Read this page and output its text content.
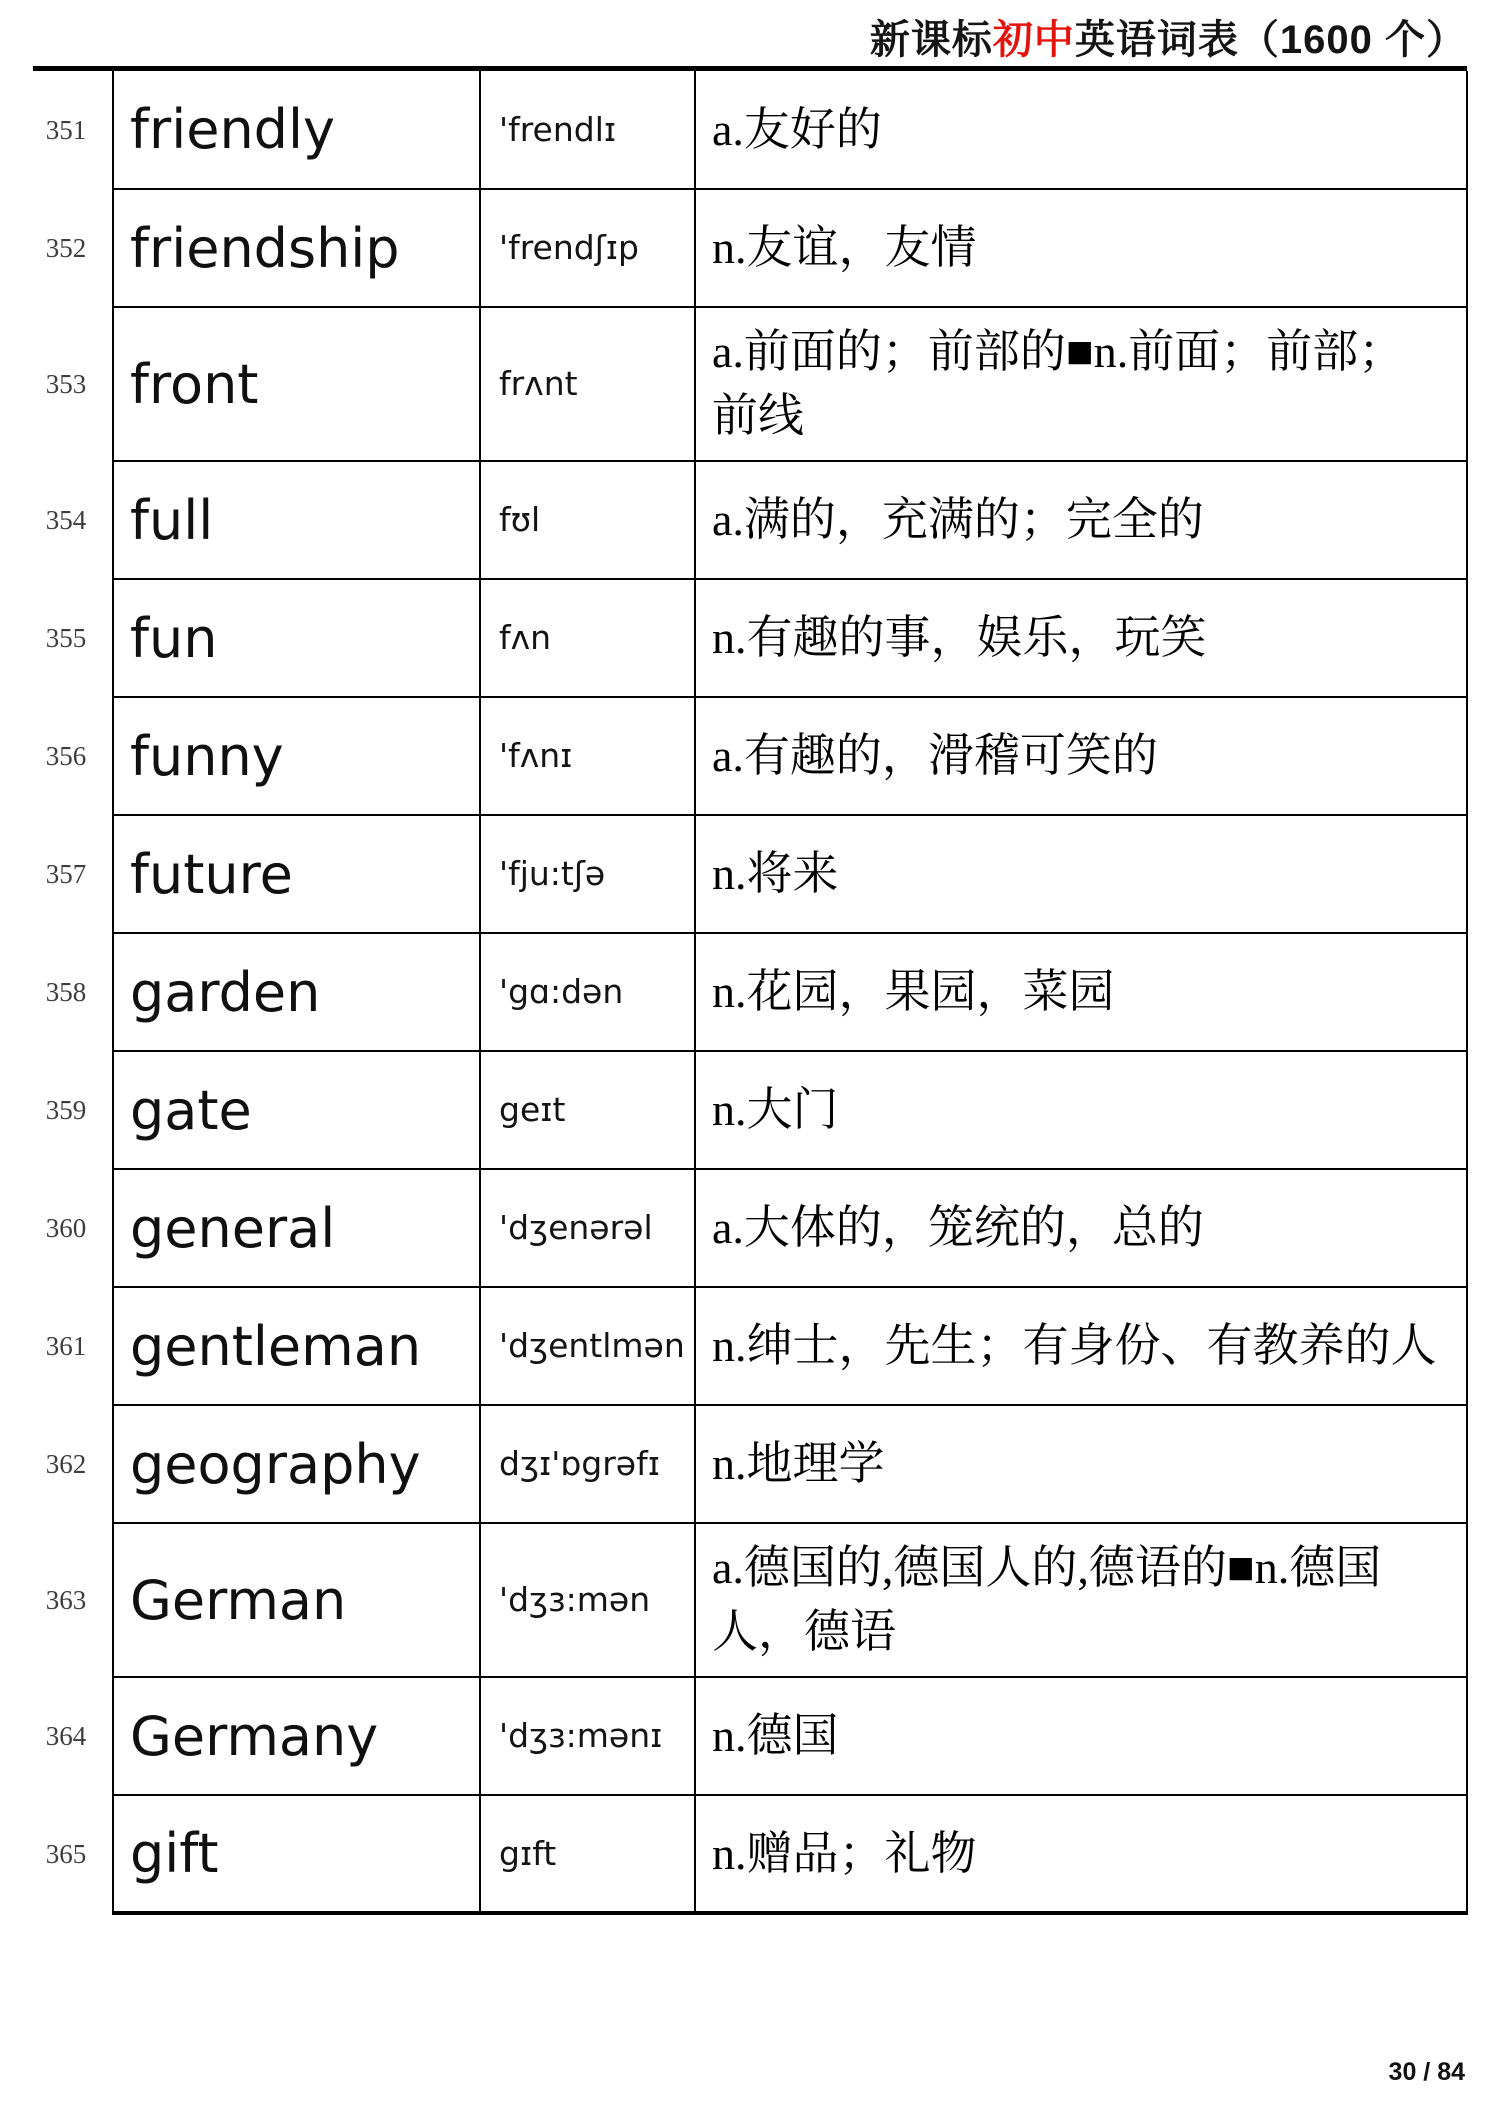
新课标初中英语词表（1600 个）
351	friendly	'frendlɪ	a.友好的
352	friendship	'frendʃɪp	n.友谊，友情
353	front	frʌnt	a.前面的；前部的■n.前面；前部；前线
354	full	fʊl	a.满的，充满的；完全的
355	fun	fʌn	n.有趣的事，娱乐，玩笑
356	funny	'fʌnɪ	a.有趣的，滑稽可笑的
357	future	'fju:tʃə	n.将来
358	garden	'gɑ:dən	n.花园，果园，菜园
359	gate	geɪt	n.大门
360	general	'dʒenərəl	a.大体的，笼统的，总的
361	gentleman	'dʒentlmən	n.绅士，先生；有身份、有教养的人
362	geography	dʒɪ'ɒgrəfɪ	n.地理学
363	German	'dʒɜ:mən	a.德国的,德国人的,德语的■n.德国人，德语
364	Germany	'dʒɜ:mənɪ	n.德国
365	gift	gɪft	n.赠品；礼物
30 / 84
